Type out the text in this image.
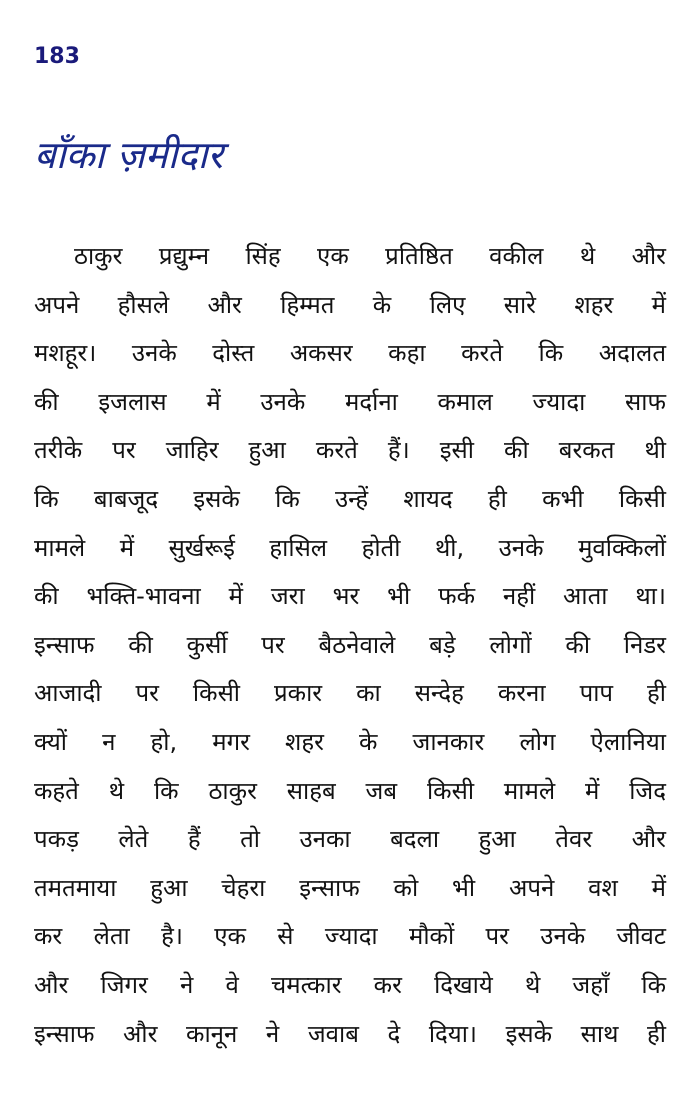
183
बाँका ज़मीदार
ठाकुर प्रद्युम्न सिंह एक प्रतिष्ठित वकील थे और
अपने हौसले और हिम्मत के लिए सारे शहर में
मशहूर। उनके दोस्त अकसर कहा करते कि अदालत
की इजलास में उनके मर्दाना कमाल ज्यादा साफ
तरीके पर जाहिर हुआ करते हैं। इसी की बरकत थी
कि बाबजूद इसके कि उन्हें शायद ही कभी किसी
मामले में सुर्खरूई हासिल होती थी, उनके मुवक्किलों
की भक्ति-भावना में जरा भर भी फर्क नहीं आता था।
इन्साफ की कुर्सी पर बैठनेवाले बड़े लोगों की निडर
आजादी पर किसी प्रकार का सन्देह करना पाप ही
क्यों न हो, मगर शहर के जानकार लोग ऐलानिया
कहते थे कि ठाकुर साहब जब किसी मामले में जिद
पकड़ लेते हैं तो उनका बदला हुआ तेवर और
तमतमाया हुआ चेहरा इन्साफ को भी अपने वश में
कर लेता है। एक से ज्यादा मौकों पर उनके जीवट
और जिगर ने वे चमत्कार कर दिखाये थे जहाँ कि
इन्साफ और कानून ने जवाब दे दिया। इसके साथ ही
